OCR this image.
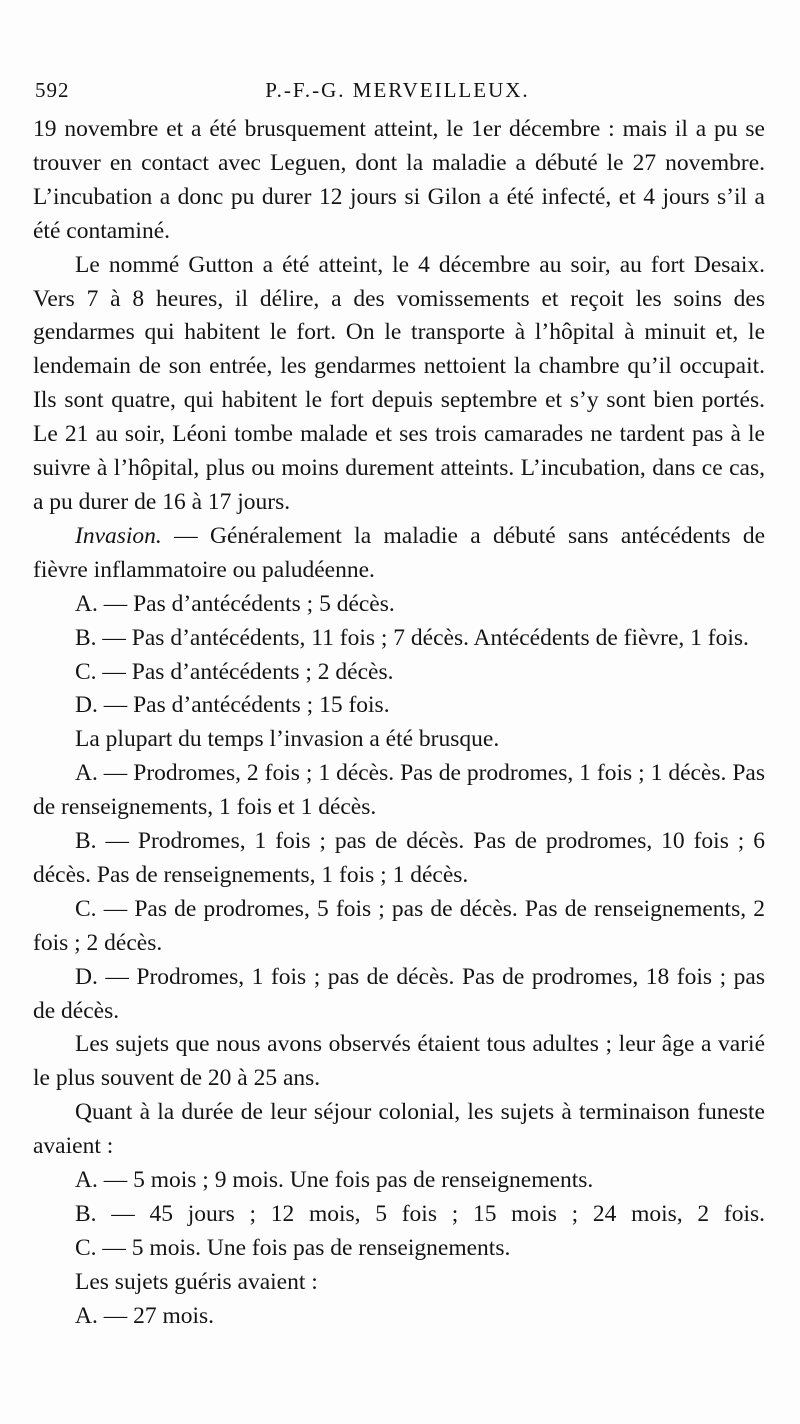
592	P.-F.-G. MERVEILLEUX.

19 novembre et a été brusquement atteint, le 1er décembre : mais il a pu se trouver en contact avec Leguen, dont la maladie a débuté le 27 novembre. L’incubation a donc pu durer 12 jours si Gilon a été infecté, et 4 jours s’il a été contaminé.

Le nommé Gutton a été atteint, le 4 décembre au soir, au fort Desaix. Vers 7 à 8 heures, il délire, a des vomissements et reçoit les soins des gendarmes qui habitent le fort. On le transporte à l’hôpital à minuit et, le lendemain de son entrée, les gendarmes nettoient la chambre qu’il occupait. Ils sont quatre, qui habitent le fort depuis septembre et s’y sont bien portés. Le 21 au soir, Léoni tombe malade et ses trois camarades ne tardent pas à le suivre à l’hôpital, plus ou moins durement atteints. L’incubation, dans ce cas, a pu durer de 16 à 17 jours.

Invasion. — Généralement la maladie a débuté sans antécédents de fièvre inflammatoire ou paludéenne.

A. — Pas d’antécédents ; 5 décès.

B. — Pas d’antécédents, 11 fois ; 7 décès. Antécédents de fièvre, 1 fois.

C. — Pas d’antécédents ; 2 décès.

D. — Pas d’antécédents ; 15 fois.

La plupart du temps l’invasion a été brusque.

A. — Prodromes, 2 fois ; 1 décès. Pas de prodromes, 1 fois ; 1 décès. Pas de renseignements, 1 fois et 1 décès.

B. — Prodromes, 1 fois ; pas de décès. Pas de prodromes, 10 fois ; 6 décès. Pas de renseignements, 1 fois ; 1 décès.

C. — Pas de prodromes, 5 fois ; pas de décès. Pas de renseignements, 2 fois ; 2 décès.

D. — Prodromes, 1 fois ; pas de décès. Pas de prodromes, 18 fois ; pas de décès.

Les sujets que nous avons observés étaient tous adultes ; leur âge a varié le plus souvent de 20 à 25 ans.

Quant à la durée de leur séjour colonial, les sujets à terminaison funeste avaient :

A. — 5 mois ; 9 mois. Une fois pas de renseignements.

B. — 45 jours ; 12 mois, 5 fois ; 15 mois ; 24 mois, 2 fois.

C. — 5 mois. Une fois pas de renseignements.

Les sujets guéris avaient :

A. — 27 mois.
